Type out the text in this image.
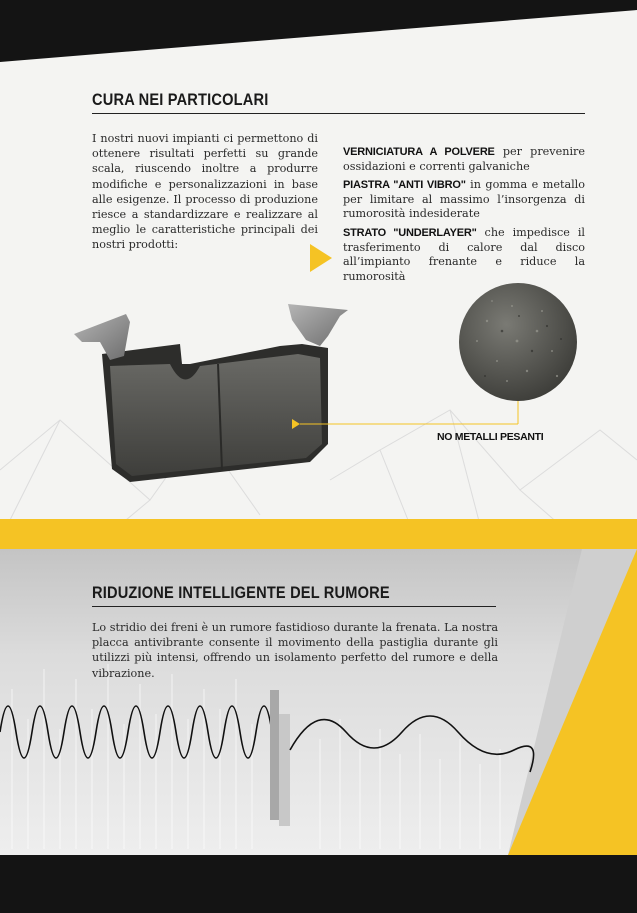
CURA NEI PARTICOLARI
I nostri nuovi impianti ci permettono di ottenere risultati perfetti su grande scala, riuscendo inoltre a produrre modifiche e personalizzazioni in base alle esigenze. Il processo di produzione riesce a standardizzare e realizzare al meglio le caratteristiche principali dei nostri prodotti:
VERNICIATURA A POLVERE per prevenire ossidazioni e correnti galvaniche
PIASTRA "ANTI VIBRO" in gomma e metallo per limitare al massimo l’insorgenza di rumorosità indesiderate
STRATO "UNDERLAYER" che impedisce il trasferimento di calore dal disco all’impianto frenante e riduce la rumorosità
NO METALLI PESANTI
RIDUZIONE INTELLIGENTE DEL RUMORE
Lo stridio dei freni è un rumore fastidioso durante la frenata. La nostra placca antivibrante consente il movimento della pastiglia durante gli utilizzi più intensi, offrendo un isolamento perfetto del rumore e della vibrazione.
